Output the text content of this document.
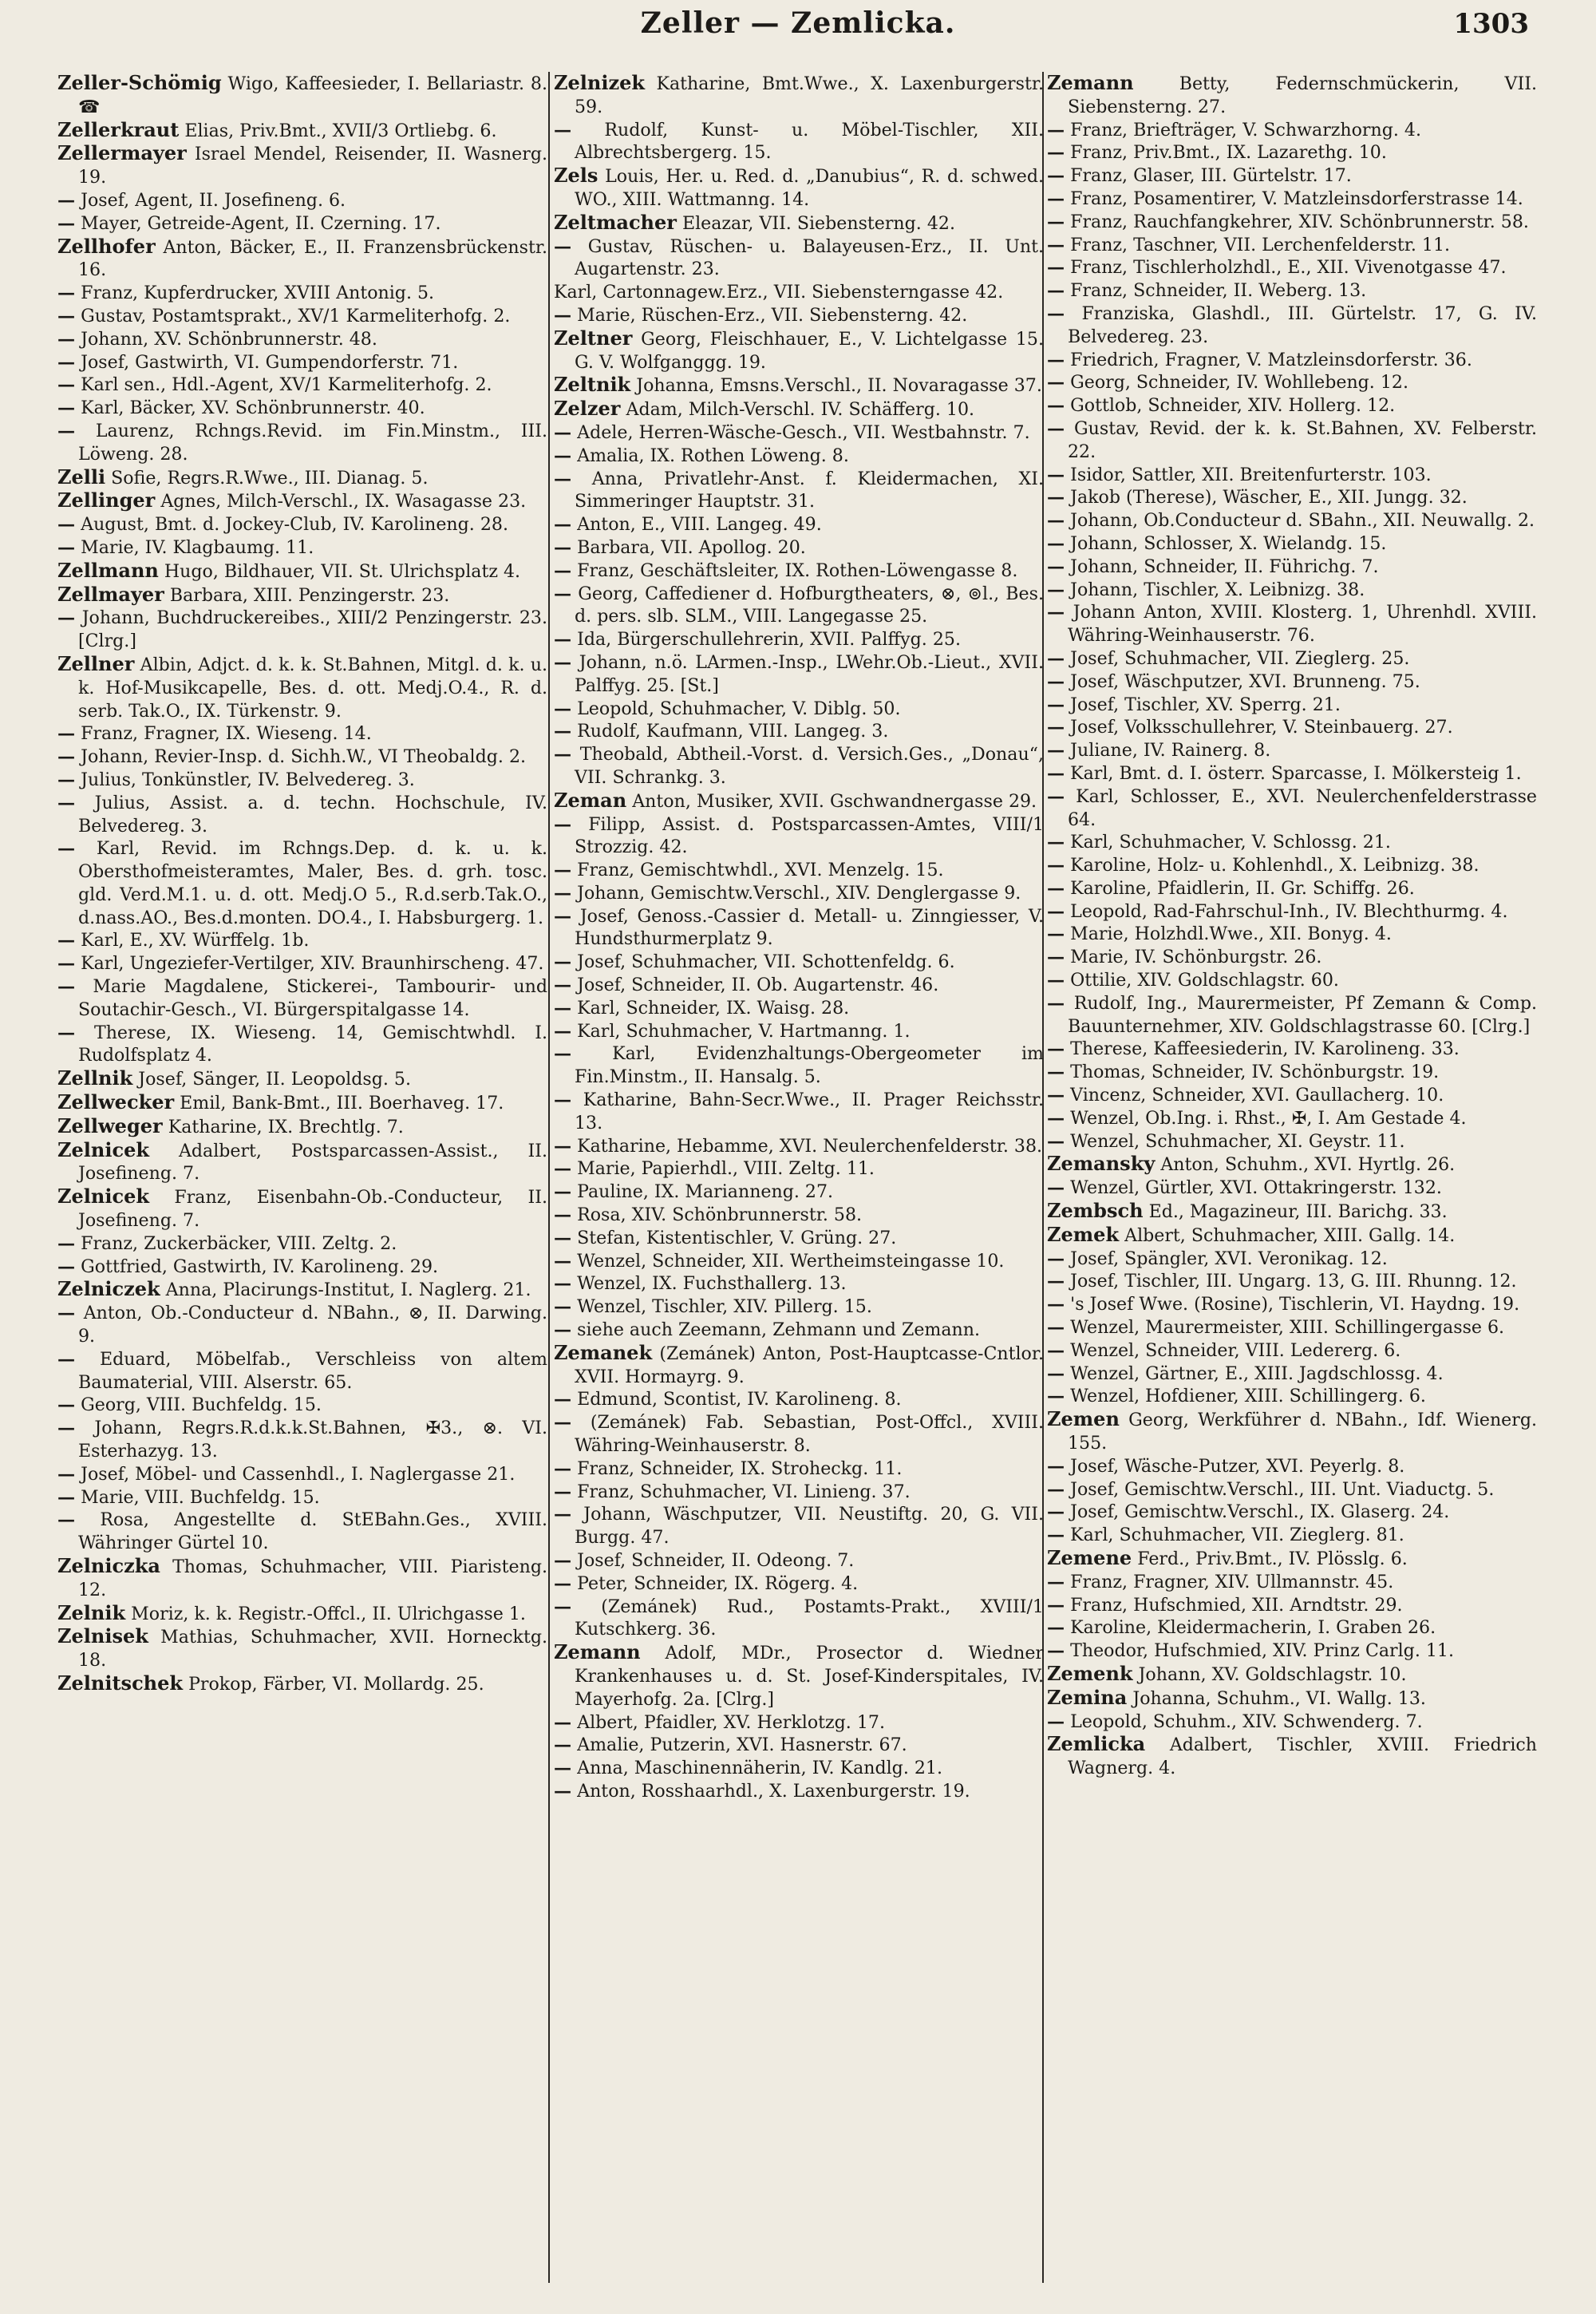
Zeller — Zemlicka.	1303

Zeller-Schömig Wigo, Kaffeesieder, I. Bellariastr. 8. ☎

Zellerkraut Elias, Priv.Bmt., XVII/3 Ortliebg. 6.

Zellermayer Israel Mendel, Reisender, II. Wasnerg. 19.

— Josef, Agent, II. Josefineng. 6.

— Mayer, Getreide-Agent, II. Czerning. 17.

Zellhofer Anton, Bäcker, E., II. Franzensbrückenstr. 16.

— Franz, Kupferdrucker, XVIII Antonig. 5.

— Gustav, Postamtsprakt., XV/1 Karmeliterhofg. 2.

— Johann, XV. Schönbrunnerstr. 48.

— Josef, Gastwirth, VI. Gumpendorferstr. 71.

— Karl sen., Hdl.-Agent, XV/1 Karmeliterhofg. 2.

— Karl, Bäcker, XV. Schönbrunnerstr. 40.

— Laurenz, Rchngs.Revid. im Fin.Minstm., III. Löweng. 28.

Zelli Sofie, Regrs.R.Wwe., III. Dianag. 5.

Zellinger Agnes, Milch-Verschl., IX. Wasagasse 23.

— August, Bmt. d. Jockey-Club, IV. Karolineng. 28.

— Marie, IV. Klagbaumg. 11.

Zellmann Hugo, Bildhauer, VII. St. Ulrichsplatz 4.

Zellmayer Barbara, XIII. Penzingerstr. 23.

— Johann, Buchdruckereibes., XIII/2 Penzingerstr. 23. [Clrg.]

Zellner Albin, Adjct. d. k. k. St.Bahnen, Mitgl. d. k. u. k. Hof-Musikcapelle, Bes. d. ott. Medj.O.4., R. d. serb. Tak.O., IX. Türkenstr. 9.

— Franz, Fragner, IX. Wieseng. 14.

— Johann, Revier-Insp. d. Sichh.W., VI Theobaldg. 2.

— Julius, Tonkünstler, IV. Belvedereg. 3.

— Julius, Assist. a. d. techn. Hochschule, IV. Belvedereg. 3.

— Karl, Revid. im Rchngs.Dep. d. k. u. k. Obersthofmeisteramtes, Maler, Bes. d. grh. tosc. gld. Verd.M.1. u. d. ott. Medj.O 5., R.d.serb.Tak.O., d.nass.AO., Bes.d.monten. DO.4., I. Habsburgerg. 1.

— Karl, E., XV. Würffelg. 1b.

— Karl, Ungeziefer-Vertilger, XIV. Braunhirscheng. 47.

— Marie Magdalene, Stickerei-, Tambourir- und Soutachir-Gesch., VI. Bürgerspitalgasse 14.

— Therese, IX. Wieseng. 14, Gemischtwhdl. I. Rudolfsplatz 4.

Zellnik Josef, Sänger, II. Leopoldsg. 5.

Zellwecker Emil, Bank-Bmt., III. Boerhaveg. 17.

Zellweger Katharine, IX. Brechtlg. 7.

Zelnicek Adalbert, Postsparcassen-Assist., II. Josefineng. 7.

Zelnicek Franz, Eisenbahn-Ob.-Conducteur, II. Josefineng. 7.

— Franz, Zuckerbäcker, VIII. Zeltg. 2.

— Gottfried, Gastwirth, IV. Karolineng. 29.

Zelniczek Anna, Placirungs-Institut, I. Naglerg. 21.

— Anton, Ob.-Conducteur d. NBahn., ⊗, II. Darwing. 9.

— Eduard, Möbelfab., Verschleiss von altem Baumaterial, VIII. Alserstr. 65.

— Georg, VIII. Buchfeldg. 15.

— Johann, Regrs.R.d.k.k.St.Bahnen, ✠3., ⊗. VI. Esterhazyg. 13.

— Josef, Möbel- und Cassenhdl., I. Naglergasse 21.

— Marie, VIII. Buchfeldg. 15.

— Rosa, Angestellte d. StEBahn.Ges., XVIII. Währinger Gürtel 10.

Zelniczka Thomas, Schuhmacher, VIII. Piaristeng. 12.

Zelnik Moriz, k. k. Registr.-Offcl., II. Ulrichgasse 1.

Zelnisek Mathias, Schuhmacher, XVII. Hornecktg. 18.

Zelnitschek Prokop, Färber, VI. Mollardg. 25.

Zelnizek Katharine, Bmt.Wwe., X. Laxenburgerstr. 59.

— Rudolf, Kunst- u. Möbel-Tischler, XII. Albrechtsbergerg. 15.

Zels Louis, Her. u. Red. d. „Danubius“, R. d. schwed. WO., XIII. Wattmanng. 14.

Zeltmacher Eleazar, VII. Siebensterng. 42.

— Gustav, Rüschen- u. Balayeusen-Erz., II. Unt. Augartenstr. 23.

Karl, Cartonnagew.Erz., VII. Siebensterngasse 42.

— Marie, Rüschen-Erz., VII. Siebensterng. 42.

Zeltner Georg, Fleischhauer, E., V. Lichtelgasse 15. G. V. Wolfganggg. 19.

Zeltnik Johanna, Emsns.Verschl., II. Novaragasse 37.

Zelzer Adam, Milch-Verschl. IV. Schäfferg. 10.

— Adele, Herren-Wäsche-Gesch., VII. Westbahnstr. 7.

— Amalia, IX. Rothen Löweng. 8.

— Anna, Privatlehr-Anst. f. Kleidermachen, XI. Simmeringer Hauptstr. 31.

— Anton, E., VIII. Langeg. 49.

— Barbara, VII. Apollog. 20.

— Franz, Geschäftsleiter, IX. Rothen-Löwengasse 8.

— Georg, Caffediener d. Hofburgtheaters, ⊗, ⊚l., Bes. d. pers. slb. SLM., VIII. Langegasse 25.

— Ida, Bürgerschullehrerin, XVII. Palffyg. 25.

— Johann, n.ö. LArmen.-Insp., LWehr.Ob.-Lieut., XVII. Palffyg. 25. [St.]

— Leopold, Schuhmacher, V. Diblg. 50.

— Rudolf, Kaufmann, VIII. Langeg. 3.

— Theobald, Abtheil.-Vorst. d. Versich.Ges., „Donau“, VII. Schrankg. 3.

Zeman Anton, Musiker, XVII. Gschwandnergasse 29.

— Filipp, Assist. d. Postsparcassen-Amtes, VIII/1 Strozzig. 42.

— Franz, Gemischtwhdl., XVI. Menzelg. 15.

— Johann, Gemischtw.Verschl., XIV. Denglergasse 9.

— Josef, Genoss.-Cassier d. Metall- u. Zinngiesser, V. Hundsthurmerplatz 9.

— Josef, Schuhmacher, VII. Schottenfeldg. 6.

— Josef, Schneider, II. Ob. Augartenstr. 46.

— Karl, Schneider, IX. Waisg. 28.

— Karl, Schuhmacher, V. Hartmanng. 1.

— Karl, Evidenzhaltungs-Obergeometer im Fin.Minstm., II. Hansalg. 5.

— Katharine, Bahn-Secr.Wwe., II. Prager Reichsstr. 13.

— Katharine, Hebamme, XVI. Neulerchenfelderstr. 38.

— Marie, Papierhdl., VIII. Zeltg. 11.

— Pauline, IX. Marianneng. 27.

— Rosa, XIV. Schönbrunnerstr. 58.

— Stefan, Kistentischler, V. Grüng. 27.

— Wenzel, Schneider, XII. Wertheimsteingasse 10.

— Wenzel, IX. Fuchsthallerg. 13.

— Wenzel, Tischler, XIV. Pillerg. 15.

— siehe auch Zeemann, Zehmann und Zemann.

Zemanek (Zemánek) Anton, Post-Hauptcasse-Cntlor. XVII. Hormayrg. 9.

— Edmund, Scontist, IV. Karolineng. 8.

— (Zemánek) Fab. Sebastian, Post-Offcl., XVIII. Währing-Weinhauserstr. 8.

— Franz, Schneider, IX. Stroheckg. 11.

— Franz, Schuhmacher, VI. Linieng. 37.

— Johann, Wäschputzer, VII. Neustiftg. 20, G. VII. Burgg. 47.

— Josef, Schneider, II. Odeong. 7.

— Peter, Schneider, IX. Rögerg. 4.

— (Zemánek) Rud., Postamts-Prakt., XVIII/1 Kutschkerg. 36.

Zemann Adolf, MDr., Prosector d. Wiedner Krankenhauses u. d. St. Josef-Kinderspitales, IV. Mayerhofg. 2a. [Clrg.]

— Albert, Pfaidler, XV. Herklotzg. 17.

— Amalie, Putzerin, XVI. Hasnerstr. 67.

— Anna, Maschinennäherin, IV. Kandlg. 21.

— Anton, Rosshaarhdl., X. Laxenburgerstr. 19.

Zemann	Betty, Federnschmückerin, VII. Siebensterng. 27.

— Franz, Briefträger, V. Schwarzhorng. 4.

— Franz, Priv.Bmt., IX. Lazarethg. 10.

— Franz, Glaser, III. Gürtelstr. 17.

— Franz, Posamentirer, V. Matzleinsdorferstrasse 14.

— Franz, Rauchfangkehrer, XIV. Schönbrunnerstr. 58.

— Franz, Taschner, VII. Lerchenfelderstr. 11.

— Franz, Tischlerholzhdl., E., XII. Vivenotgasse 47.

— Franz, Schneider, II. Weberg. 13.

— Franziska, Glashdl., III. Gürtelstr. 17, G. IV. Belvedereg. 23.

— Friedrich, Fragner, V. Matzleinsdorferstr. 36.

— Georg, Schneider, IV. Wohllebeng. 12.

— Gottlob, Schneider, XIV. Hollerg. 12.

— Gustav, Revid. der k. k. St.Bahnen, XV. Felberstr. 22.

— Isidor, Sattler, XII. Breitenfurterstr. 103.

— Jakob (Therese), Wäscher, E., XII. Jungg. 32.

— Johann, Ob.Conducteur d. SBahn., XII. Neuwallg. 2.

— Johann, Schlosser, X. Wielandg. 15.

— Johann, Schneider, II. Führichg. 7.

— Johann, Tischler, X. Leibnizg. 38.

— Johann Anton, XVIII. Klosterg. 1, Uhrenhdl. XVIII. Währing-Weinhauserstr. 76.

— Josef, Schuhmacher, VII. Zieglerg. 25.

— Josef, Wäschputzer, XVI. Brunneng. 75.

— Josef, Tischler, XV. Sperrg. 21.

— Josef, Volksschullehrer, V. Steinbauerg. 27.

— Juliane, IV. Rainerg. 8.

— Karl, Bmt. d. I. österr. Sparcasse, I. Mölkersteig 1.

— Karl, Schlosser, E., XVI. Neulerchenfelderstrasse 64.

— Karl, Schuhmacher, V. Schlossg. 21.

— Karoline, Holz- u. Kohlenhdl., X. Leibnizg. 38.

— Karoline, Pfaidlerin, II. Gr. Schiffg. 26.

— Leopold, Rad-Fahrschul-Inh., IV. Blechthurmg. 4.

— Marie, Holzhdl.Wwe., XII. Bonyg. 4.

— Marie, IV. Schönburgstr. 26.

— Ottilie, XIV. Goldschlagstr. 60.

— Rudolf, Ing., Maurermeister, Pf Zemann & Comp. Bauunternehmer, XIV. Goldschlagstrasse 60. [Clrg.]

— Therese, Kaffeesiederin, IV. Karolineng. 33.

— Thomas, Schneider, IV. Schönburgstr. 19.

— Vincenz, Schneider, XVI. Gaullacherg. 10.

— Wenzel, Ob.Ing. i. Rhst., ✠, I. Am Gestade 4.

— Wenzel, Schuhmacher, XI. Geystr. 11.

Zemansky Anton, Schuhm., XVI. Hyrtlg. 26.

— Wenzel, Gürtler, XVI. Ottakringerstr. 132.

Zembsch Ed., Magazineur, III. Barichg. 33.

Zemek Albert, Schuhmacher, XIII. Gallg. 14.

— Josef, Spängler, XVI. Veronikag. 12.

— Josef, Tischler, III. Ungarg. 13, G. III. Rhunng. 12.

— 's Josef Wwe. (Rosine), Tischlerin, VI. Haydng. 19.

— Wenzel, Maurermeister, XIII. Schillingergasse 6.

— Wenzel, Schneider, VIII. Ledererg. 6.

— Wenzel, Gärtner, E., XIII. Jagdschlossg. 4.

— Wenzel, Hofdiener, XIII. Schillingerg. 6.

Zemen Georg, Werkführer d. NBahn., Idf. Wienerg. 155.

— Josef, Wäsche-Putzer, XVI. Peyerlg. 8.

— Josef, Gemischtw.Verschl., III. Unt. Viaductg. 5.

— Josef, Gemischtw.Verschl., IX. Glaserg. 24.

— Karl, Schuhmacher, VII. Zieglerg. 81.

Zemene Ferd., Priv.Bmt., IV. Plösslg. 6.

— Franz, Fragner, XIV. Ullmannstr. 45.

— Franz, Hufschmied, XII. Arndtstr. 29.

— Karoline, Kleidermacherin, I. Graben 26.

— Theodor, Hufschmied, XIV. Prinz Carlg. 11.

Zemenk Johann, XV. Goldschlagstr. 10.

Zemina Johanna, Schuhm., VI. Wallg. 13.

— Leopold, Schuhm., XIV. Schwenderg. 7.

Zemlicka Adalbert, Tischler, XVIII. Friedrich Wagnerg. 4.
